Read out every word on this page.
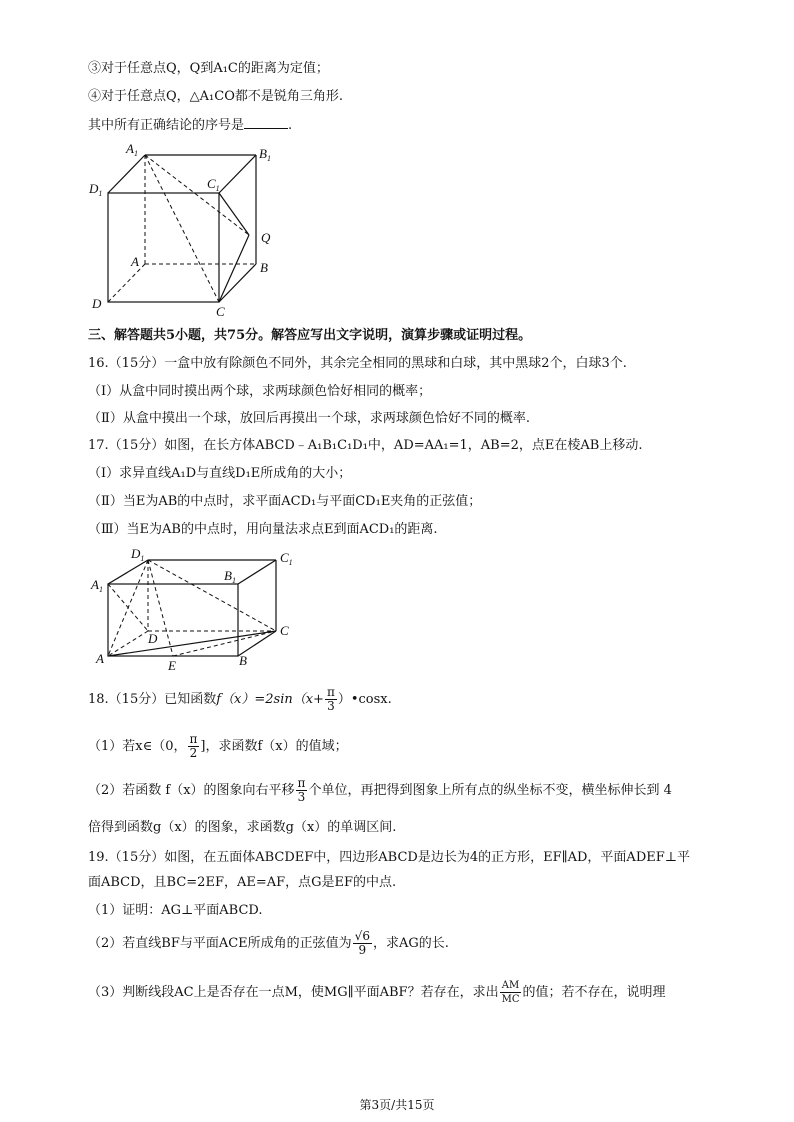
③对于任意点Q，Q到A₁C的距离为定值；
④对于任意点Q，△A₁CO都不是锐角三角形.
其中所有正确结论的序号是	.
$A_1$	$B_1$
$D_1$
$C_1$
Q
A	B
C
D
三、解答题共5小题，共75分。解答应写出文字说明，演算步骤或证明过程。
16.（15分）一盒中放有除颜色不同外，其余完全相同的黑球和白球，其中黑球2个，白球3个.
（Ⅰ）从盒中同时摸出两个球，求两球颜色恰好相同的概率；
（Ⅱ）从盒中摸出一个球，放回后再摸出一个球，求两球颜色恰好不同的概率.
17.（15分）如图，在长方体ABCD﹣A₁B₁C₁D₁中，AD=AA₁=1，AB=2，点E在棱AB上移动.
（Ⅰ）求异直线A₁D与直线D₁E所成角的大小；
（Ⅱ）当E为AB的中点时，求平面ACD₁与平面CD₁E夹角的正弦值；
（Ⅲ）当E为AB的中点时，用向量法求点E到面ACD₁的距离.
$D_1$	$C_1$
$A_1$
$B_1$
D
C
A	E	B
18.（15分）已知函数$f(x)=2\sin(x+ \frac{\pi}{3}$ ）•cosx.
（1）若x∈（0， $\frac{\pi}{2}$ ]，求函数f（x）的值域；
（2）若函数 f（x）的图象向右平移 $\frac{\pi}{3}$ 个单位，再把得到图象上所有点的纵坐标不变，横坐标伸长到 4
倍得到函数g（x）的图象，求函数g（x）的单调区间.
19.（15分）如图，在五面体ABCDEF中，四边形ABCD是边长为4的正方形，EF∥AD，平面ADEF⊥平
面ABCD，且BC=2EF，AE=AF，点G是EF的中点.
（1）证明：AG⊥平面ABCD.
（2）若直线BF与平面ACE所成角的正弦值为 $\frac{√6}{9}$ ，求AG的长.
（3）判断线段AC上是否存在一点M，使MG∥平面ABF？若存在，求出 $\frac{AM}{MC}$ 的值；若不存在，说明理
第3页/共15页
